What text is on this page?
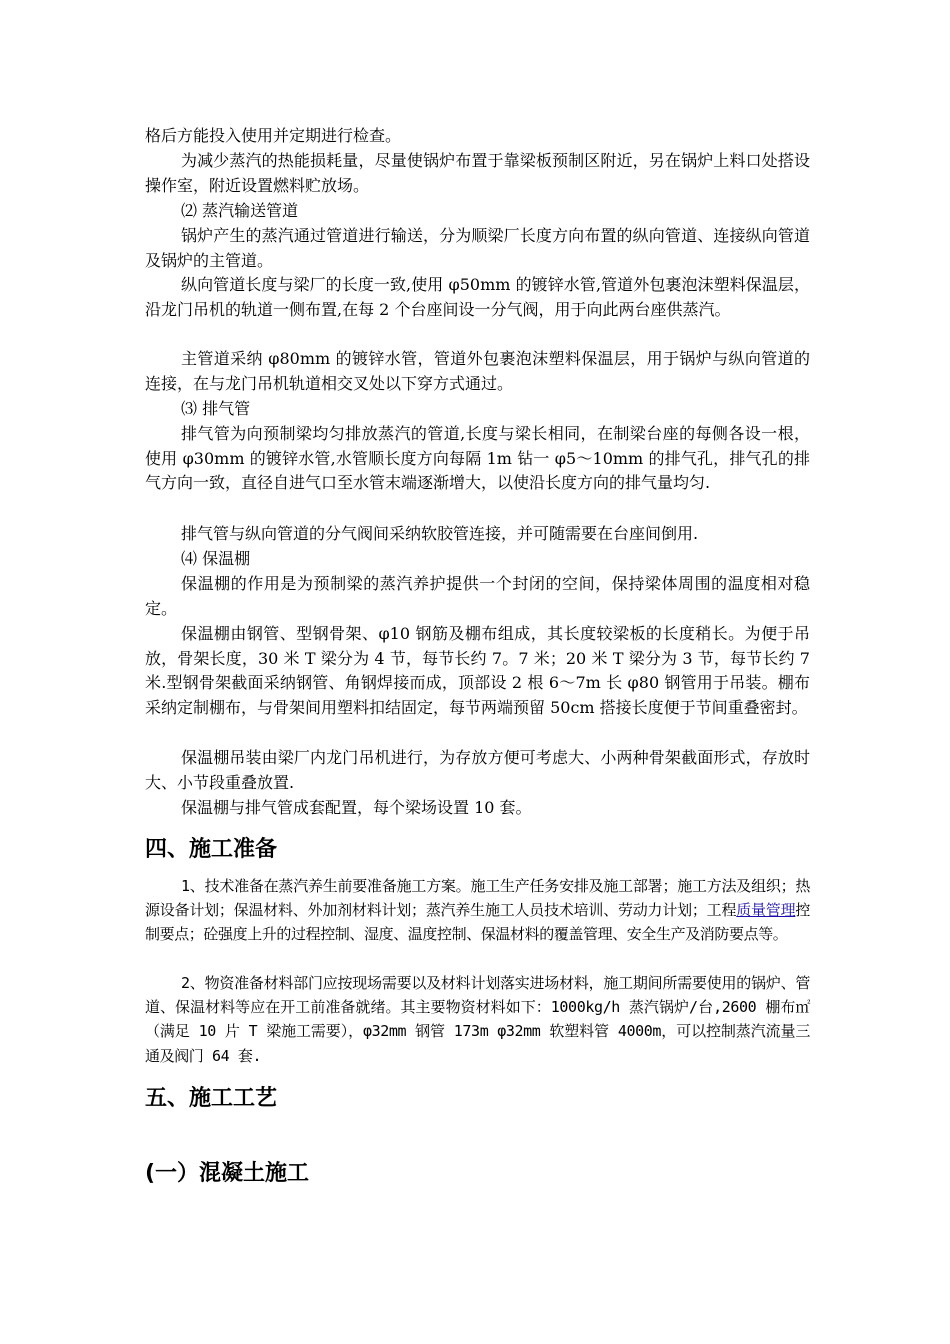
格后方能投入使用并定期进行检查。

为减少蒸汽的热能损耗量，尽量使锅炉布置于靠梁板预制区附近，另在锅炉上料口处搭设操作室，附近设置燃料贮放场。

⑵ 蒸汽输送管道

锅炉产生的蒸汽通过管道进行输送，分为顺梁厂长度方向布置的纵向管道、连接纵向管道及锅炉的主管道。

纵向管道长度与梁厂的长度一致,使用 φ50mm 的镀锌水管,管道外包裹泡沫塑料保温层，沿龙门吊机的轨道一侧布置,在每 2 个台座间设一分气阀，用于向此两台座供蒸汽。

主管道采纳 φ80mm 的镀锌水管，管道外包裹泡沫塑料保温层，用于锅炉与纵向管道的连接，在与龙门吊机轨道相交叉处以下穿方式通过。

⑶ 排气管

排气管为向预制梁均匀排放蒸汽的管道,长度与梁长相同，在制梁台座的每侧各设一根，使用 φ30mm 的镀锌水管,水管顺长度方向每隔 1m 钻一 φ5～10mm 的排气孔，排气孔的排气方向一致，直径自进气口至水管末端逐渐增大，以使沿长度方向的排气量均匀.

排气管与纵向管道的分气阀间采纳软胶管连接，并可随需要在台座间倒用.

⑷ 保温棚

保温棚的作用是为预制梁的蒸汽养护提供一个封闭的空间，保持梁体周围的温度相对稳定。

保温棚由钢管、型钢骨架、φ10 钢筋及棚布组成，其长度较梁板的长度稍长。为便于吊放，骨架长度，30 米 T 梁分为 4 节，每节长约 7。7 米；20 米 T 梁分为 3 节，每节长约 7 米.型钢骨架截面采纳钢管、角钢焊接而成，顶部设 2 根 6～7m 长 φ80 钢管用于吊装。棚布采纳定制棚布，与骨架间用塑料扣结固定，每节两端预留 50cm 搭接长度便于节间重叠密封。

保温棚吊装由梁厂内龙门吊机进行，为存放方便可考虑大、小两种骨架截面形式，存放时大、小节段重叠放置.

保温棚与排气管成套配置，每个梁场设置 10 套。

四、施工准备

1、技术准备在蒸汽养生前要准备施工方案。施工生产任务安排及施工部署；施工方法及组织；热源设备计划；保温材料、外加剂材料计划；蒸汽养生施工人员技术培训、劳动力计划；工程质量管理控制要点；砼强度上升的过程控制、湿度、温度控制、保温材料的覆盖管理、安全生产及消防要点等。

2、物资准备材料部门应按现场需要以及材料计划落实进场材料，施工期间所需要使用的锅炉、管道、保温材料等应在开工前准备就绪。其主要物资材料如下：1000kg/h 蒸汽锅炉/台,2600 棚布㎡（满足 10 片 T 梁施工需要），φ32mm 钢管 173m φ32mm 软塑料管 4000m，可以控制蒸汽流量三通及阀门 64 套.

五、施工工艺
(一）混凝土施工
